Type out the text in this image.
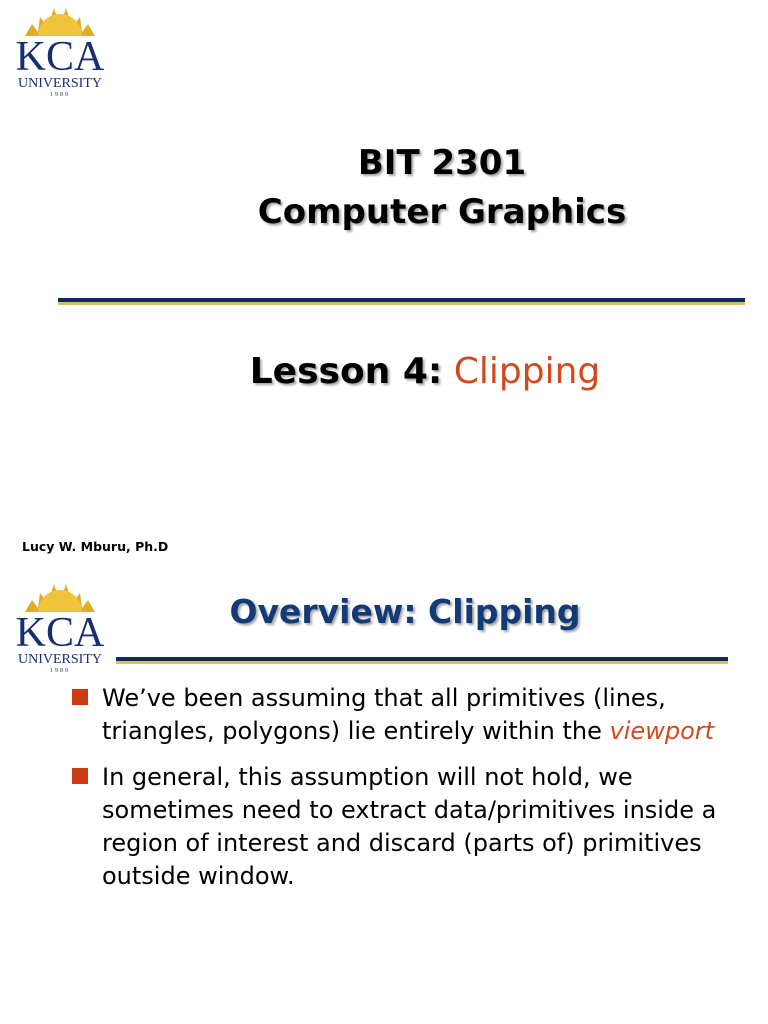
KCA
UNIVERSITY
1989
BIT 2301
Computer Graphics
Lesson 4: Clipping
Lucy W. Mburu, Ph.D
KCA
UNIVERSITY
1989
Overview: Clipping
We’ve been assuming that all primitives (lines, triangles, polygons) lie entirely within the viewport
In general, this assumption will not hold, we sometimes need to extract data/primitives inside a region of interest and discard (parts of) primitives outside window.
